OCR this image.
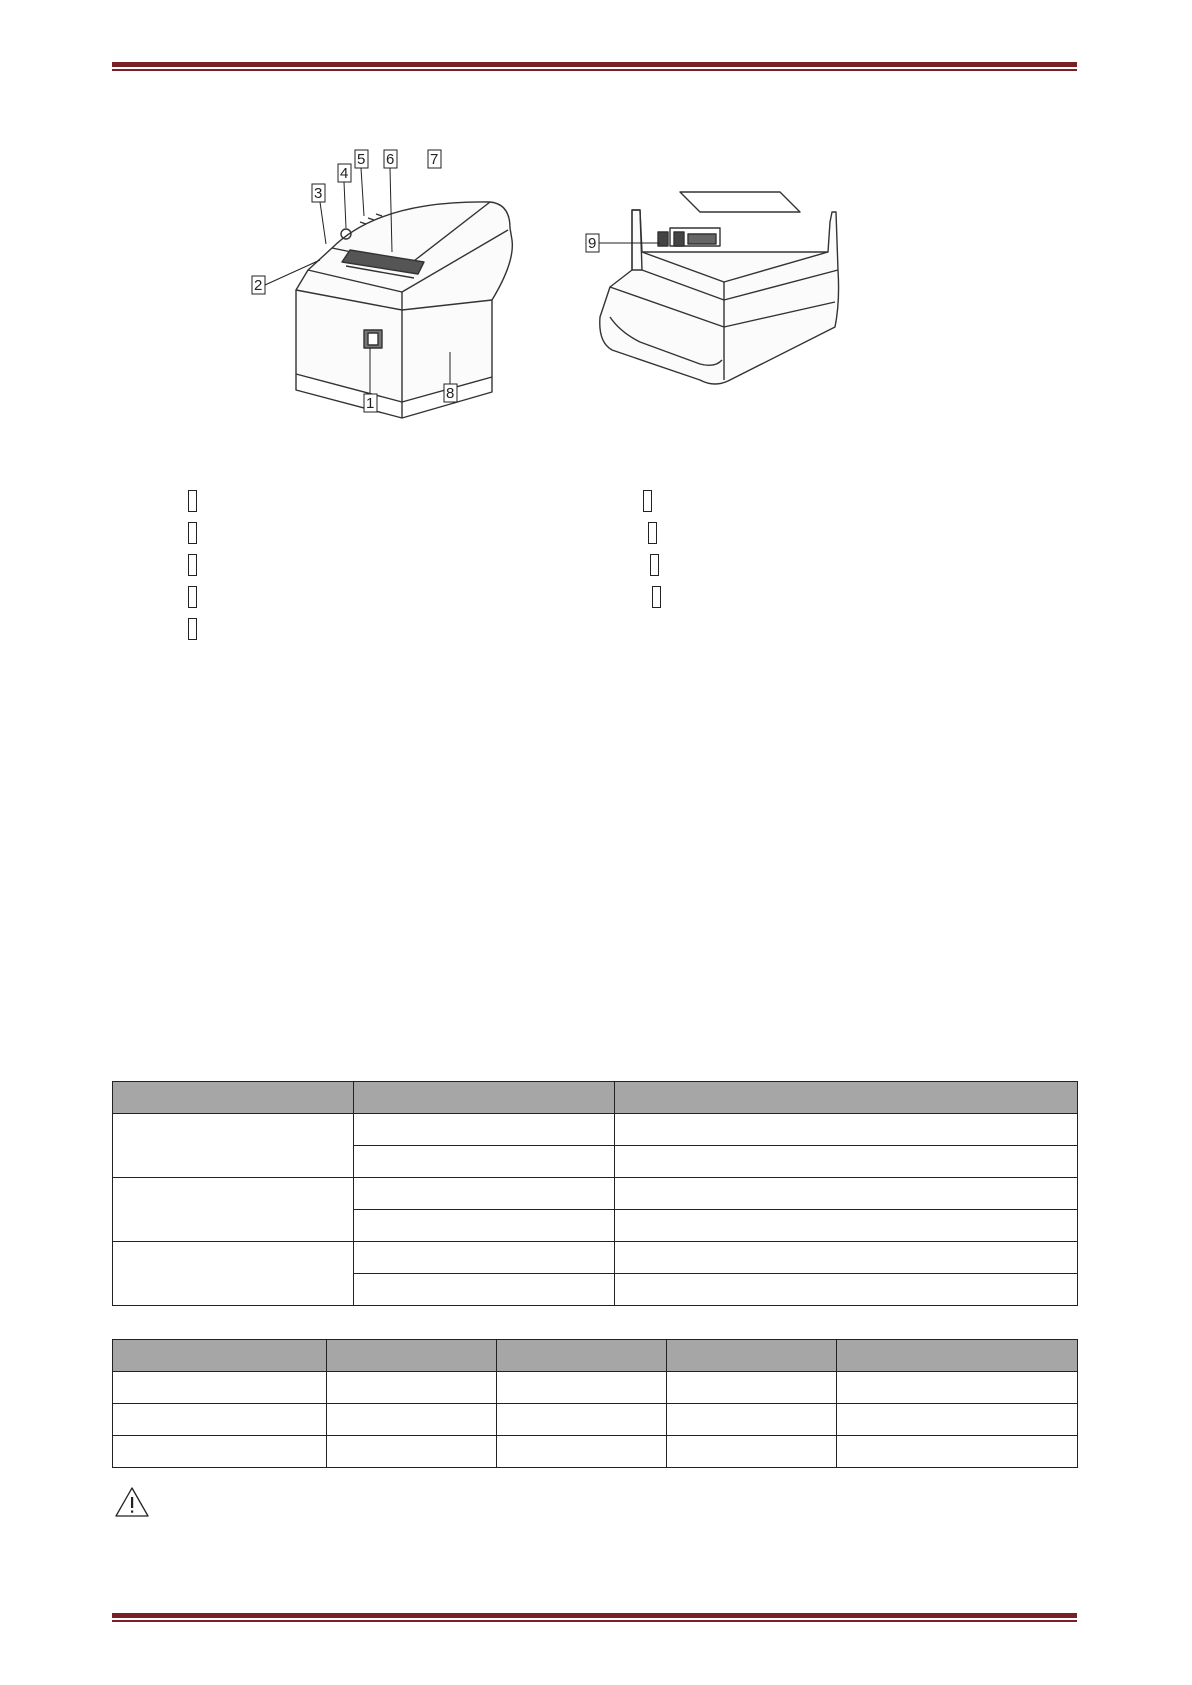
1
2
3
4
5 6 7
8
9
